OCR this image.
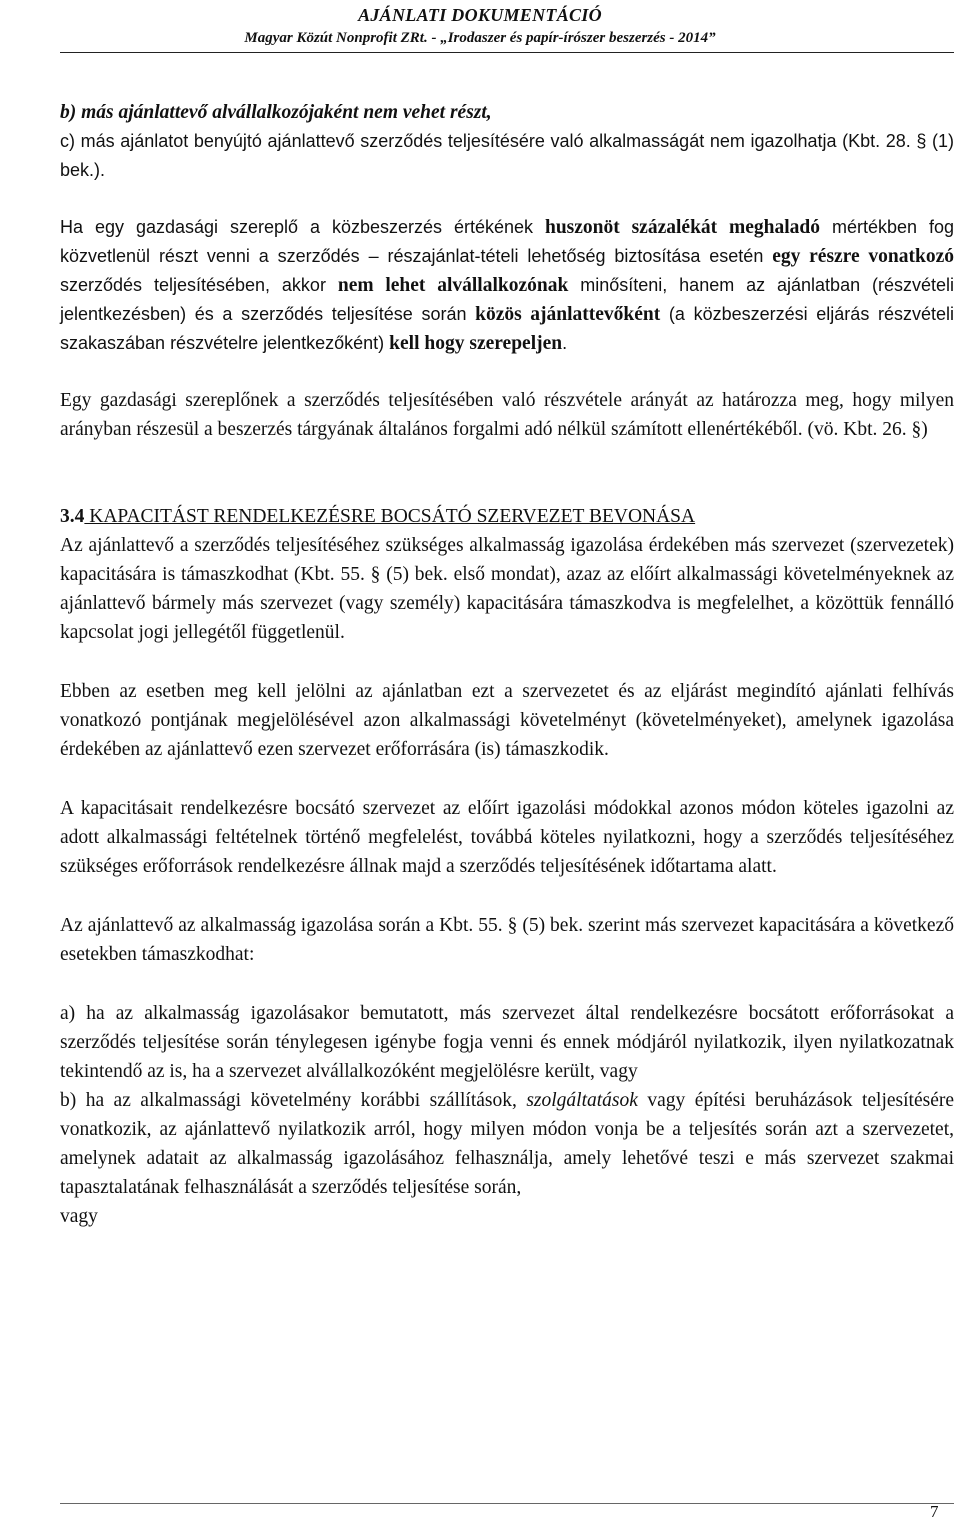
AJÁNLATI DOKUMENTÁCIÓ
Magyar Közút Nonprofit ZRt. - „Irodaszer és papír-írószer beszerzés - 2014”

b) más ajánlattevő alvállalkozójaként nem vehet részt,

c) más ajánlatot benyújtó ajánlattevő szerződés teljesítésére való alkalmasságát nem igazolhatja (Kbt. 28. § (1) bek.).

Ha egy gazdasági szereplő a közbeszerzés értékének huszonöt százalékát meghaladó mértékben fog közvetlenül részt venni a szerződés – részajánlat-tételi lehetőség biztosítása esetén egy részre vonatkozó szerződés teljesítésében, akkor nem lehet alvállalkozónak minősíteni, hanem az ajánlatban (részvételi jelentkezésben) és a szerződés teljesítése során közös ajánlattevőként (a közbeszerzési eljárás részvételi szakaszában részvételre jelentkezőként) kell hogy szerepeljen.

Egy gazdasági szereplőnek a szerződés teljesítésében való részvétele arányát az határozza meg, hogy milyen arányban részesül a beszerzés tárgyának általános forgalmi adó nélkül számított ellenértékéből. (vö. Kbt. 26. §)

3.4 KAPACITÁST RENDELKEZÉSRE BOCSÁTÓ SZERVEZET BEVONÁSA

Az ajánlattevő a szerződés teljesítéséhez szükséges alkalmasság igazolása érdekében más szervezet (szervezetek) kapacitására is támaszkodhat (Kbt. 55. § (5) bek. első mondat), azaz az előírt alkalmassági követelményeknek az ajánlattevő bármely más szervezet (vagy személy) kapacitására támaszkodva is megfelelhet, a közöttük fennálló kapcsolat jogi jellegétől függetlenül.

Ebben az esetben meg kell jelölni az ajánlatban ezt a szervezetet és az eljárást megindító ajánlati felhívás vonatkozó pontjának megjelölésével azon alkalmassági követelményt (követelményeket), amelynek igazolása érdekében az ajánlattevő ezen szervezet erőforrására (is) támaszkodik.

A kapacitásait rendelkezésre bocsátó szervezet az előírt igazolási módokkal azonos módon köteles igazolni az adott alkalmassági feltételnek történő megfelelést, továbbá köteles nyilatkozni, hogy a szerződés teljesítéséhez szükséges erőforrások rendelkezésre állnak majd a szerződés teljesítésének időtartama alatt.

Az ajánlattevő az alkalmasság igazolása során a Kbt. 55. § (5) bek. szerint más szervezet kapacitására a következő esetekben támaszkodhat:

a) ha az alkalmasság igazolásakor bemutatott, más szervezet által rendelkezésre bocsátott erőforrásokat a szerződés teljesítése során ténylegesen igénybe fogja venni és ennek módjáról nyilatkozik, ilyen nyilatkozatnak tekintendő az is, ha a szervezet alvállalkozóként megjelölésre került, vagy

b) ha az alkalmassági követelmény korábbi szállítások, szolgáltatások vagy építési beruházások teljesítésére vonatkozik, az ajánlattevő nyilatkozik arról, hogy milyen módon vonja be a teljesítés során azt a szervezetet, amelynek adatait az alkalmasság igazolásához felhasználja, amely lehetővé teszi e más szervezet szakmai tapasztalatának felhasználását a szerződés teljesítése során,

vagy

7
